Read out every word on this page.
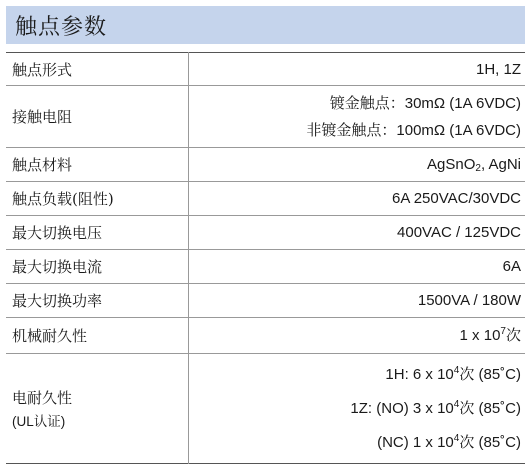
触点参数
触点形式	1H, 1Z
接触电阻	镀金触点：30mΩ (1A 6VDC)
非镀金触点：100mΩ (1A 6VDC)

触点材料	AgSnO$_2$, AgNi
触点负载(阻性)	6A 250VAC/30VDC
最大切换电压	400VAC / 125VDC
最大切换电流	6A
最大切换功率	1500VA / 180W
机械耐久性	1 x $10^7$次
电耐久性
(UL认证)	1H: 6 x $10^4$次 (85˚C)
1Z: (NO) 3 x $10^4$次 (85˚C)
(NC) 1 x $10^4$次 (85˚C)
